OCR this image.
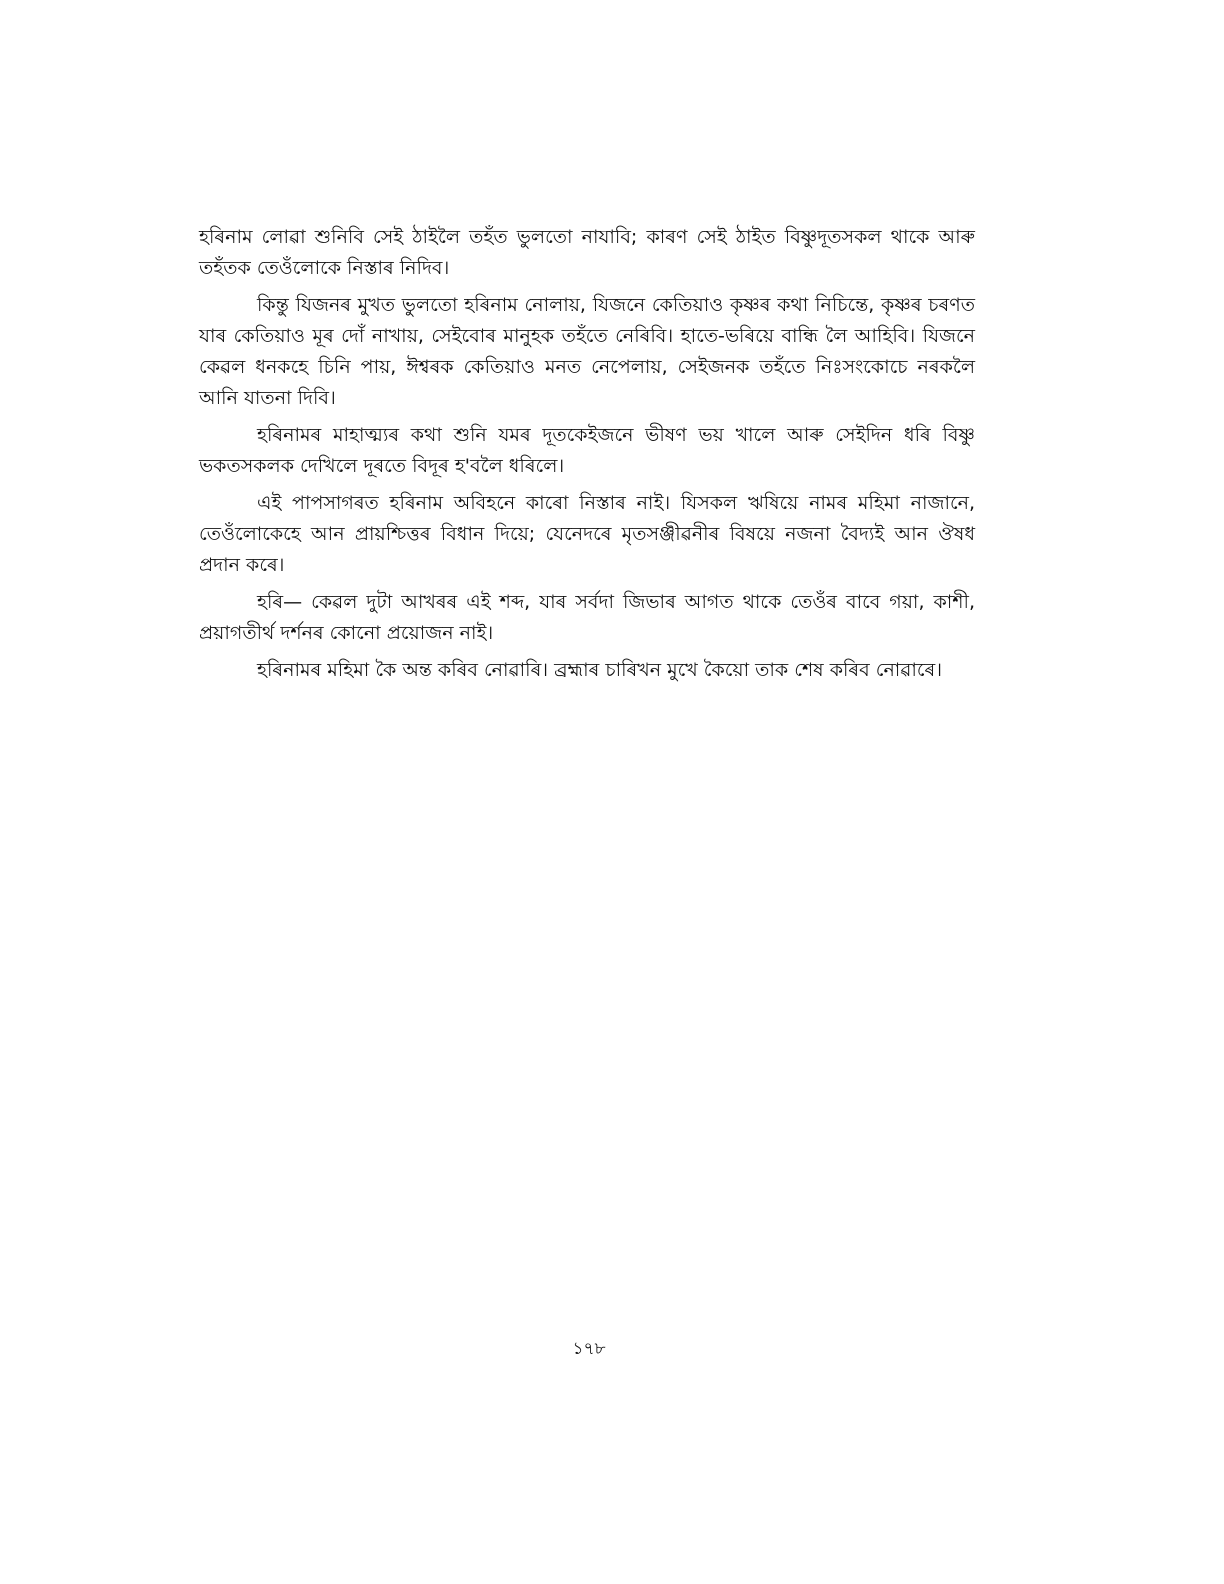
হৰিনাম লোৱা শুনিবি সেই ঠাইলৈ তহঁত ভুলতো নাযাবি; কাৰণ সেই ঠাইত বিষ্ণুদূতসকল থাকে আৰু তহঁতক তেওঁলোকে নিস্তাৰ নিদিব।

কিন্তু যিজনৰ মুখত ভুলতো হৰিনাম নোলায়, যিজনে কেতিয়াও কৃষ্ণৰ কথা নিচিন্তে, কৃষ্ণৰ চৰণত যাৰ কেতিয়াও মূৰ দোঁ নাখায়, সেইবোৰ মানুহক তহঁতে নেৰিবি। হাতে-ভৰিয়ে বান্ধি লৈ আহিবি। যিজনে কেৱল ধনকহে চিনি পায়, ঈশ্বৰক কেতিয়াও মনত নেপেলায়, সেইজনক তহঁতে নিঃসংকোচে নৰকলৈ আনি যাতনা দিবি।

হৰিনামৰ মাহাত্ম্যৰ কথা শুনি যমৰ দূতকেইজনে ভীষণ ভয় খালে আৰু সেইদিন ধৰি বিষ্ণু ভকতসকলক দেখিলে দূৰতে বিদূৰ হ'বলৈ ধৰিলে।

এই পাপসাগৰত হৰিনাম অবিহনে কাৰো নিস্তাৰ নাই। যিসকল ঋষিয়ে নামৰ মহিমা নাজানে, তেওঁলোকেহে আন প্ৰায়শ্চিত্তৰ বিধান দিয়ে; যেনেদৰে মৃতসঞ্জীৱনীৰ বিষয়ে নজনা বৈদ্যই আন ঔষধ প্ৰদান কৰে।

হৰি— কেৱল দুটা আখৰৰ এই শব্দ, যাৰ সৰ্বদা জিভাৰ আগত থাকে তেওঁৰ বাবে গয়া, কাশী, প্ৰয়াগতীৰ্থ দৰ্শনৰ কোনো প্ৰয়োজন নাই।

হৰিনামৰ মহিমা কৈ অন্ত কৰিব নোৱাৰি। ব্ৰহ্মাৰ চাৰিখন মুখে কৈয়ো তাক শেষ কৰিব নোৱাৰে।

১৭৮
